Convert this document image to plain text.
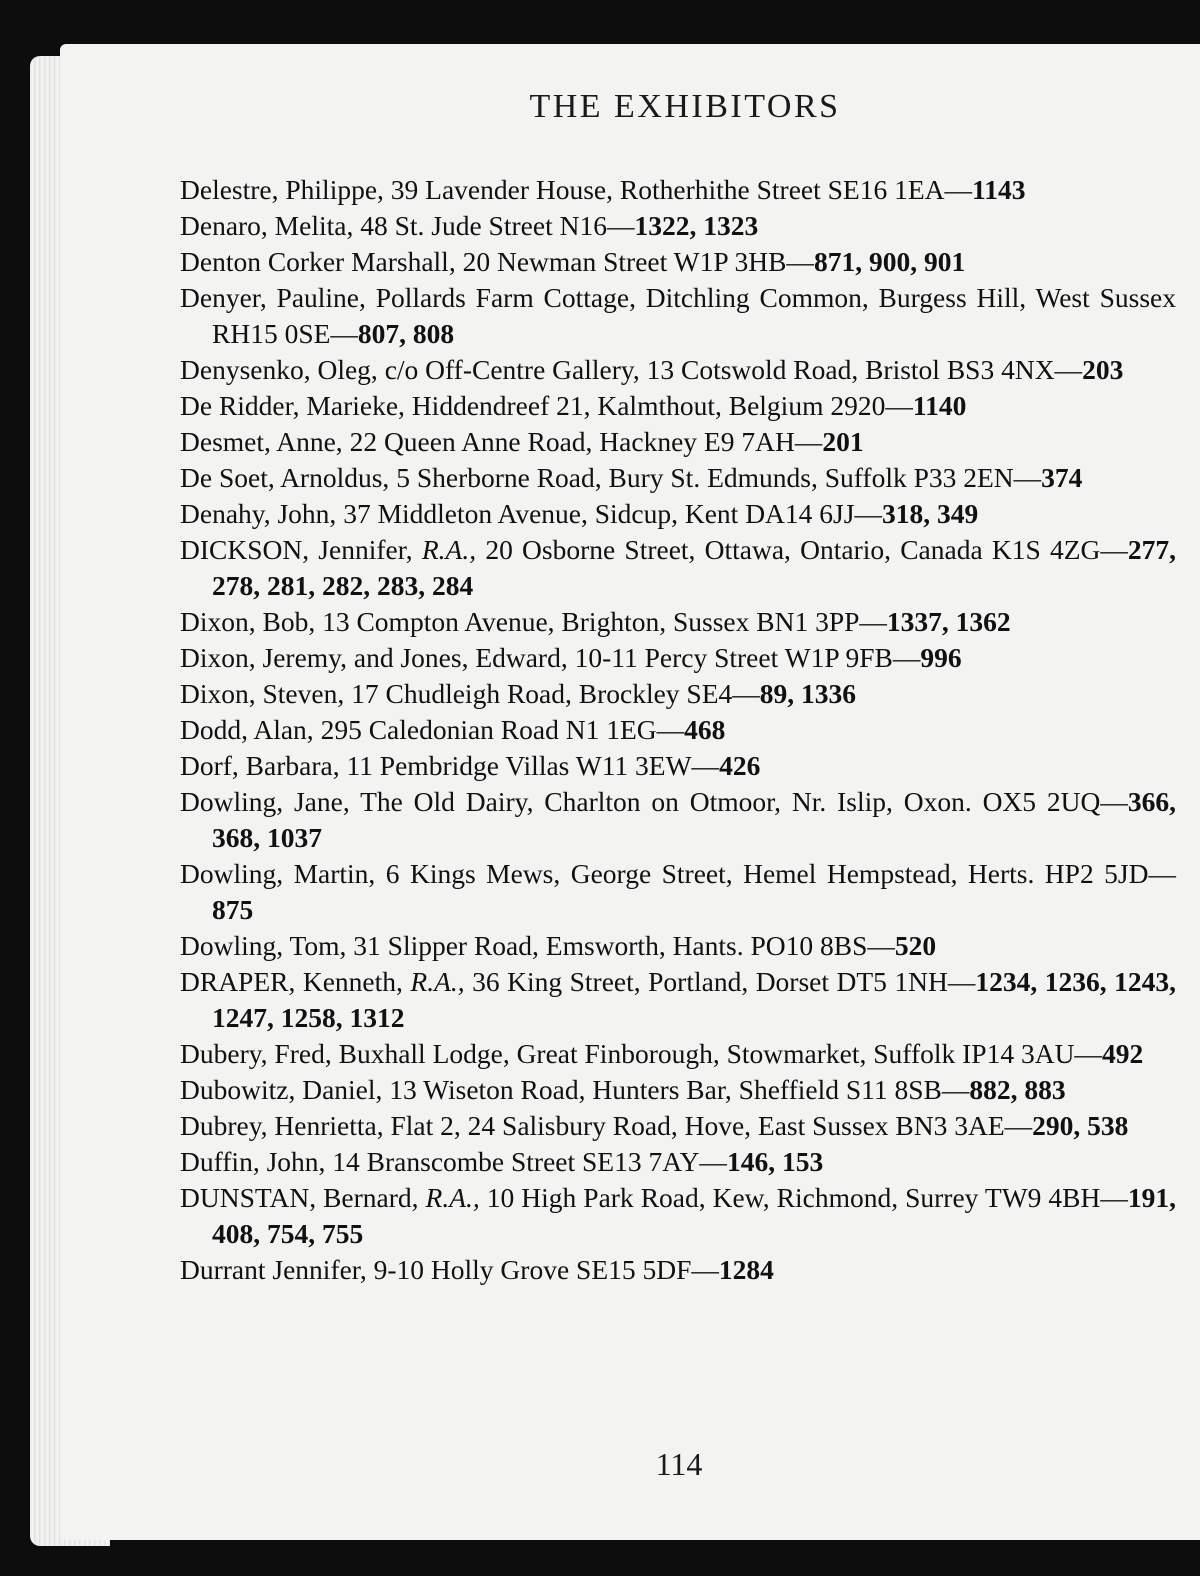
THE EXHIBITORS
Delestre, Philippe, 39 Lavender House, Rotherhithe Street SE16 1EA—1143
Denaro, Melita, 48 St. Jude Street N16—1322, 1323
Denton Corker Marshall, 20 Newman Street W1P 3HB—871, 900, 901
Denyer, Pauline, Pollards Farm Cottage, Ditchling Common, Burgess Hill, West Sussex RH15 0SE—807, 808
Denysenko, Oleg, c/o Off-Centre Gallery, 13 Cotswold Road, Bristol BS3 4NX—203
De Ridder, Marieke, Hiddendreef 21, Kalmthout, Belgium 2920—1140
Desmet, Anne, 22 Queen Anne Road, Hackney E9 7AH—201
De Soet, Arnoldus, 5 Sherborne Road, Bury St. Edmunds, Suffolk P33 2EN—374
Denahy, John, 37 Middleton Avenue, Sidcup, Kent DA14 6JJ—318, 349
DICKSON, Jennifer, R.A., 20 Osborne Street, Ottawa, Ontario, Canada K1S 4ZG—277, 278, 281, 282, 283, 284
Dixon, Bob, 13 Compton Avenue, Brighton, Sussex BN1 3PP—1337, 1362
Dixon, Jeremy, and Jones, Edward, 10-11 Percy Street W1P 9FB—996
Dixon, Steven, 17 Chudleigh Road, Brockley SE4—89, 1336
Dodd, Alan, 295 Caledonian Road N1 1EG—468
Dorf, Barbara, 11 Pembridge Villas W11 3EW—426
Dowling, Jane, The Old Dairy, Charlton on Otmoor, Nr. Islip, Oxon. OX5 2UQ—366, 368, 1037
Dowling, Martin, 6 Kings Mews, George Street, Hemel Hempstead, Herts. HP2 5JD—875
Dowling, Tom, 31 Slipper Road, Emsworth, Hants. PO10 8BS—520
DRAPER, Kenneth, R.A., 36 King Street, Portland, Dorset DT5 1NH—1234, 1236, 1243, 1247, 1258, 1312
Dubery, Fred, Buxhall Lodge, Great Finborough, Stowmarket, Suffolk IP14 3AU—492
Dubowitz, Daniel, 13 Wiseton Road, Hunters Bar, Sheffield S11 8SB—882, 883
Dubrey, Henrietta, Flat 2, 24 Salisbury Road, Hove, East Sussex BN3 3AE—290, 538
Duffin, John, 14 Branscombe Street SE13 7AY—146, 153
DUNSTAN, Bernard, R.A., 10 High Park Road, Kew, Richmond, Surrey TW9 4BH—191, 408, 754, 755
Durrant Jennifer, 9-10 Holly Grove SE15 5DF—1284
114
